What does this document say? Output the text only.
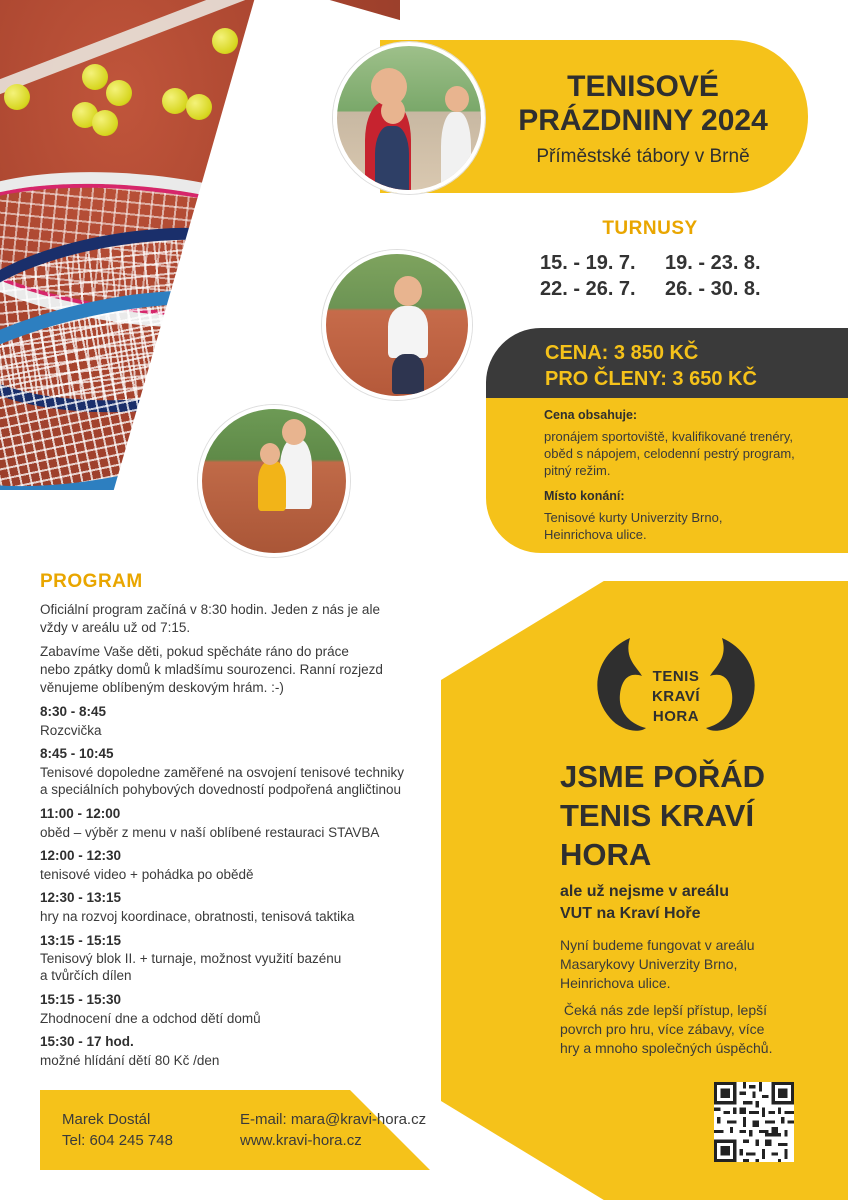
TENISOVÉ
PRÁZDNINY 2024
Příměstské tábory v Brně
TURNUSY
15. - 19. 7. 19. - 23. 8.
22. - 26. 7. 26. - 30. 8.
CENA: 3 850 KČ
PRO ČLENY: 3 650 KČ
Cena obsahuje:
pronájem sportoviště, kvalifikované trenéry,
oběd s nápojem, celodenní pestrý program,
pitný režim.
Místo konání:
Tenisové kurty Univerzity Brno,
Heinrichova ulice.
PROGRAM
Oficiální program začíná v 8:30 hodin. Jeden z nás je ale
vždy v areálu už od 7:15.
Zabavíme Vaše děti, pokud spěcháte ráno do práce
nebo zpátky domů k mladšímu sourozenci. Ranní rozjezd
věnujeme oblíbeným deskovým hrám. :-)
8:30 - 8:45
Rozcvička
8:45 - 10:45
Tenisové dopoledne zaměřené na osvojení tenisové techniky
a speciálních pohybových dovedností podpořená angličtinou
11:00 - 12:00
oběd – výběr z menu v naší oblíbené restauraci STAVBA
12:00 - 12:30
tenisové video + pohádka po obědě
12:30 - 13:15
hry na rozvoj koordinace, obratnosti, tenisová taktika
13:15 - 15:15
Tenisový blok II. + turnaje, možnost využití bazénu
a tvůrčích dílen
15:15 - 15:30
Zhodnocení dne a odchod dětí domů
15:30 - 17 hod.
možné hlídání dětí 80 Kč /den
Marek Dostál
Tel: 604 245 748
E-mail: mara@kravi-hora.cz
www.kravi-hora.cz
TENIS
KRAVÍ
HORA
JSME POŘÁD
TENIS KRAVÍ
HORA
ale už nejsme v areálu
VUT na Kraví Hoře
Nyní budeme fungovat v areálu
Masarykovy Univerzity Brno,
Heinrichova ulice.
Čeká nás zde lepší přístup, lepší
povrch pro hru, více zábavy, více
hry a mnoho společných úspěchů.
